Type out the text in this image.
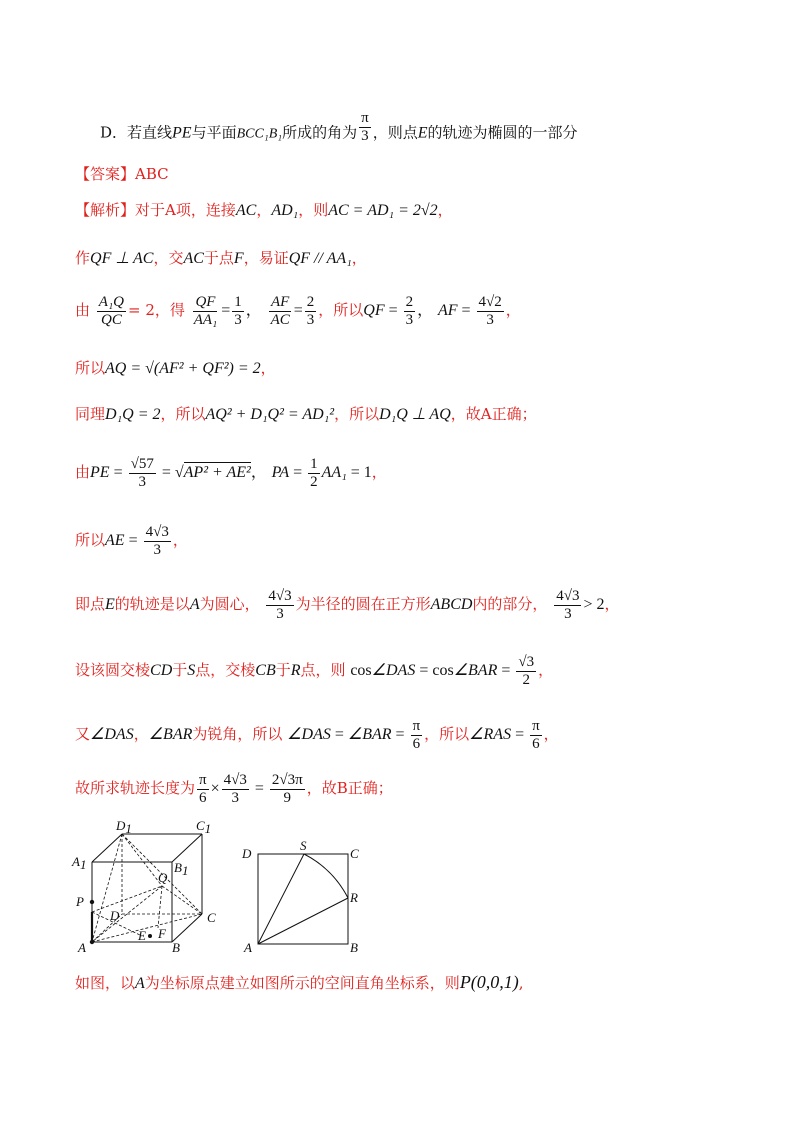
D．若直线PE与平面BCC₁B₁所成的角为 $\frac{\pi}{3}$ ，则点E的轨迹为椭圆的一部分
【答案】ABC
【解析】对于A项，连接AC，AD₁，则AC = AD₁ = 2√2，
作QF ⊥ AC，交AC于点F，易证QF // AA₁，
由 $\frac{\text{A₁Q}}{QC} = 2$，得 $\frac{QF}{\text{AA₁}} = \frac{1}{3}$ ， $\frac{AF}{AC} = \frac{2}{3}$ ，所以QF = $\frac{2}{3}$ ， AF = $\frac{4√2}{3}$ ，
所以AQ = √(AF² + QF²) = 2，
同理D₁Q = 2，所以AQ² + D₁Q² = AD₁²，所以D₁Q ⊥ AQ，故A正确；
由PE = $\frac{√57}{3} = √AP^2 + AE^2$， PA = $\frac{1}{2} AA_1 = 1$，
所以AE = $\frac{4√3}{3}$ ，
即点E的轨迹是以A为圆心， $\frac{4√3}{3}$ 为半径的圆在正方形ABCD内的部分， $\frac{4√3}{3} > 2$，
设该圆交棱CD于S点，交棱CB于R点，则 cos∠DAS = cos∠BAR = $\frac{√3}{2}$ ，
又∠DAS，∠BAR为锐角，所以 ∠DAS = ∠BAR = $\frac{\pi}{6}$ ，所以∠RAS = $\frac{\pi}{6}$ ，
故所求轨迹长度为 $\frac{\pi}{6} \times \frac{4√3}{3} = \frac{2√3\pi}{9}$ ，故B正确；
D1	C1
A1	B1
Q
P
D	C
A
E F
B
D
S
C
R
A	B
如图，以A为坐标原点建立如图所示的空间直角坐标系，则P(0,0,1),
